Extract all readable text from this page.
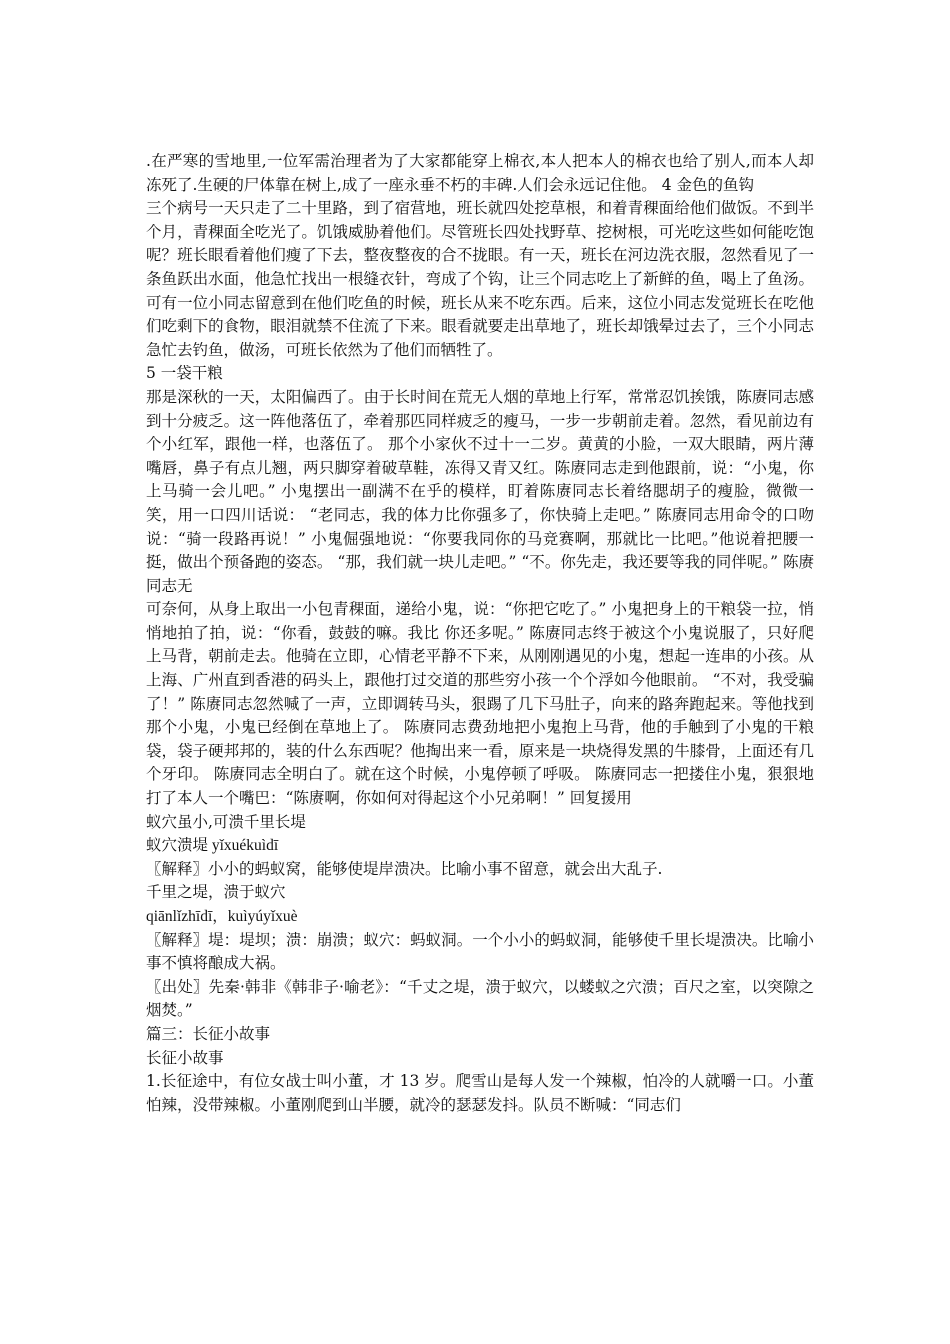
.在严寒的雪地里,一位军需治理者为了大家都能穿上棉衣,本人把本人的棉衣也给了别人,而本人却冻死了.生硬的尸体靠在树上,成了一座永垂不朽的丰碑.人们会永远记住他。 4 金色的鱼钩

三个病号一天只走了二十里路，到了宿营地，班长就四处挖草根，和着青稞面给他们做饭。不到半个月，青稞面全吃光了。饥饿威胁着他们。尽管班长四处找野草、挖树根，可光吃这些如何能吃饱呢？班长眼看着他们瘦了下去，整夜整夜的合不拢眼。有一天，班长在河边洗衣服，忽然看见了一条鱼跃出水面，他急忙找出一根缝衣针，弯成了个钩，让三个同志吃上了新鲜的鱼，喝上了鱼汤。可有一位小同志留意到在他们吃鱼的时候，班长从来不吃东西。后来，这位小同志发觉班长在吃他们吃剩下的食物，眼泪就禁不住流了下来。眼看就要走出草地了，班长却饿晕过去了，三个小同志急忙去钓鱼，做汤，可班长依然为了他们而牺牲了。

5 一袋干粮

那是深秋的一天，太阳偏西了。由于长时间在荒无人烟的草地上行军，常常忍饥挨饿，陈赓同志感到十分疲乏。这一阵他落伍了，牵着那匹同样疲乏的瘦马，一步一步朝前走着。忽然，看见前边有个小红军，跟他一样，也落伍了。 那个小家伙不过十一二岁。黄黄的小脸，一双大眼睛，两片薄嘴唇，鼻子有点儿翘，两只脚穿着破草鞋，冻得又青又红。陈赓同志走到他跟前，说：“小鬼，你上马骑一会儿吧。” 小鬼摆出一副满不在乎的模样，盯着陈赓同志长着络腮胡子的瘦脸，微微一笑，用一口四川话说： “老同志，我的体力比你强多了，你快骑上走吧。” 陈赓同志用命令的口吻说：“骑一段路再说！” 小鬼倔强地说：“你要我同你的马竞赛啊，那就比一比吧。”他说着把腰一挺，做出个预备跑的姿态。 “那，我们就一块儿走吧。” “不。你先走，我还要等我的同伴呢。” 陈赓同志无

可奈何，从身上取出一小包青稞面，递给小鬼，说：“你把它吃了。” 小鬼把身上的干粮袋一拉，悄悄地拍了拍，说：“你看，鼓鼓的嘛。我比 你还多呢。” 陈赓同志终于被这个小鬼说服了，只好爬上马背，朝前走去。他骑在立即，心情老平静不下来，从刚刚遇见的小鬼，想起一连串的小孩。从上海、广州直到香港的码头上，跟他打过交道的那些穷小孩一个个浮如今他眼前。 “不对，我受骗了！” 陈赓同志忽然喊了一声，立即调转马头，狠踢了几下马肚子，向来的路奔跑起来。等他找到那个小鬼，小鬼已经倒在草地上了。 陈赓同志费劲地把小鬼抱上马背，他的手触到了小鬼的干粮袋，袋子硬邦邦的，装的什么东西呢？他掏出来一看，原来是一块烧得发黑的牛膝骨，上面还有几个牙印。 陈赓同志全明白了。就在这个时候，小鬼停顿了呼吸。 陈赓同志一把搂住小鬼，狠狠地打了本人一个嘴巴：“陈赓啊，你如何对得起这个小兄弟啊！” 回复援用

蚁穴虽小,可溃千里长堤

蚁穴溃堤 yǐxuékuìdī

〖解释〗小小的蚂蚁窝，能够使堤岸溃决。比喻小事不留意，就会出大乱子.

千里之堤，溃于蚁穴

qiānlǐzhīdī，kuìyúyǐxuè

〖解释〗堤：堤坝；溃：崩溃；蚁穴：蚂蚁洞。一个小小的蚂蚁洞，能够使千里长堤溃决。比喻小事不慎将酿成大祸。

〖出处〗先秦·韩非《韩非子·喻老》：“千丈之堤，溃于蚁穴，以蝼蚁之穴溃；百尺之室，以突隙之烟焚。”

篇三：长征小故事

长征小故事

1.长征途中，有位女战士叫小董，才 13 岁。爬雪山是每人发一个辣椒，怕冷的人就嚼一口。小董怕辣，没带辣椒。小董刚爬到山半腰，就冷的瑟瑟发抖。队员不断喊：“同志们
